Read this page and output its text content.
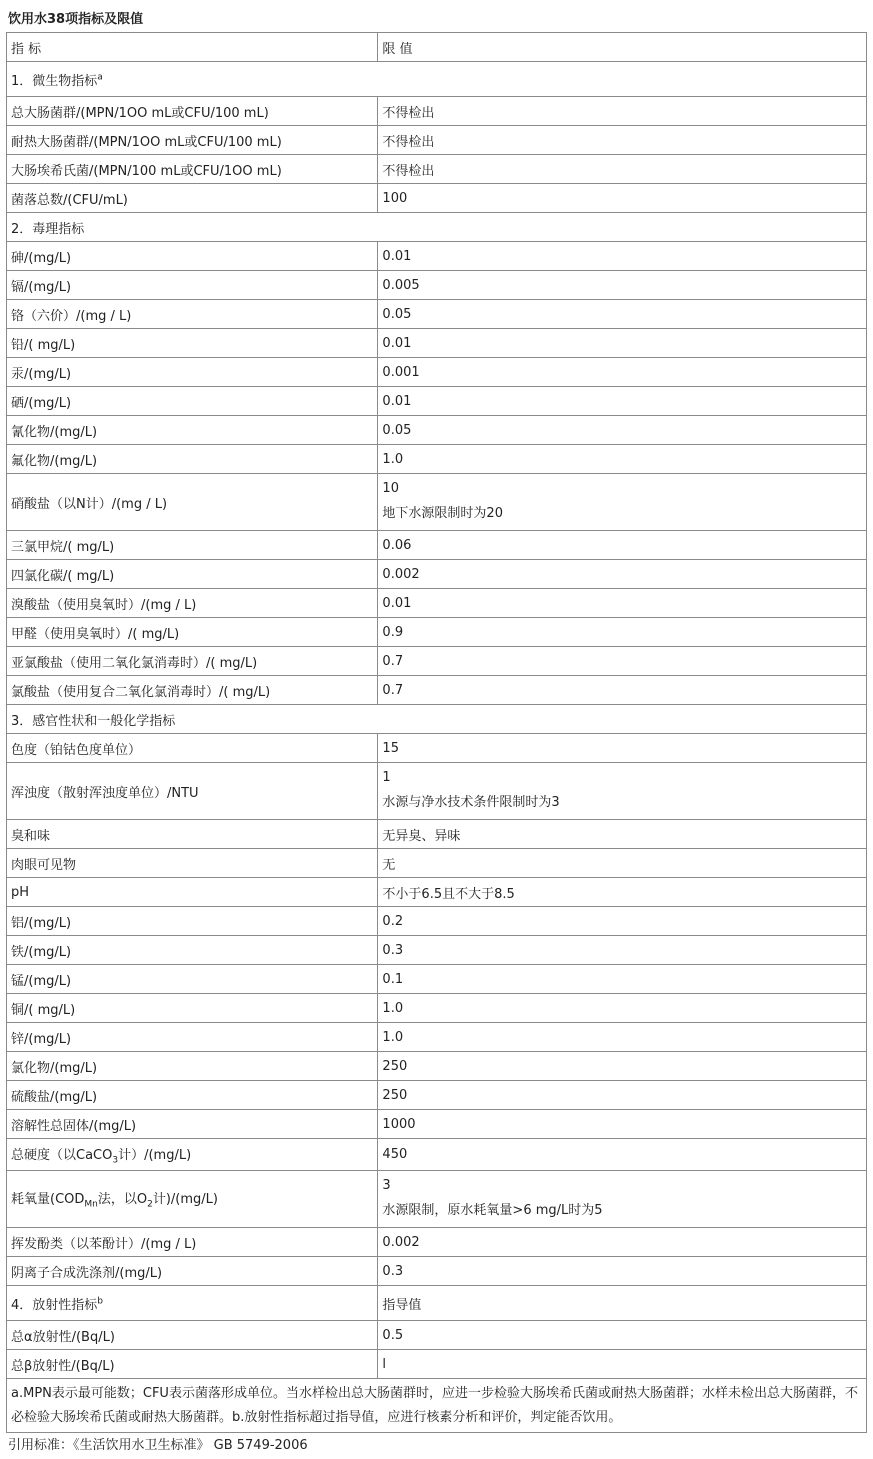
饮用水38项指标及限值
指 标	限 值
1．微生物指标$^a$
总大肠菌群/(MPN/1OO mL或CFU/100 mL)	不得检出
耐热大肠菌群/(MPN/1OO mL或CFU/100 mL)	不得检出
大肠埃希氏菌/(MPN/100 mL或CFU/1OO mL)	不得检出
菌落总数/(CFU/mL)	100
2．毒理指标	
砷/(mg/L)	0.01
镉/(mg/L)	0.005
铬（六价）/(mg / L)	0.05
铅/( mg/L)	0.01
汞/(mg/L)	0.001
硒/(mg/L)	0.01
氰化物/(mg/L)	0.05
氟化物/(mg/L)	1.0
硝酸盐（以N计）/(mg / L)	10
地下水源限制时为20

三氯甲烷/( mg/L)	0.06
四氯化碳/( mg/L)	0.002
溴酸盐（使用臭氧时）/(mg / L)	0.01
甲醛（使用臭氧时）/( mg/L)	0.9
亚氯酸盐（使用二氧化氯消毒时）/( mg/L)	0.7
氯酸盐（使用复合二氧化氯消毒时）/( mg/L)	0.7
3．感官性状和一般化学指标	
色度（铂钴色度单位）	15
浑浊度（散射浑浊度单位）/NTU	1
水源与净水技术条件限制时为3

臭和味	无异臭、异味
肉眼可见物	无
pH	不小于6.5且不大于8.5
铝/(mg/L)	0.2
铁/(mg/L)	0.3
锰/(mg/L)	0.1
铜/( mg/L)	1.0
锌/(mg/L)	1.0
氯化物/(mg/L)	250
硫酸盐/(mg/L)	250
溶解性总固体/(mg/L)	1000
总硬度（以CaCO$_3$计）/(mg/L)	450
耗氧量($COD_{Mn}$法，以$O_2$计)/(mg/L)	3
水源限制，原水耗氧量>6 mg/L时为5

挥发酚类（以苯酚计）/(mg / L)	0.002
阴离子合成洗涤剂/(mg/L)	0.3
4．放射性指标$^b$	指导值
总α放射性/(Bq/L)	0.5
总β放射性/(Bq/L)	l
a.MPN表示最可能数；CFU表示菌落形成单位。当水样检出总大肠菌群时，应进一步检验大肠埃希氏菌或耐热大肠菌群；水样未检出总大肠菌群，不必检验大肠埃希氏菌或耐热大肠菌群。b.放射性指标超过指导值，应进行核素分析和评价，判定能否饮用。	
引用标准：《生活饮用水卫生标准》 GB 5749-2006
